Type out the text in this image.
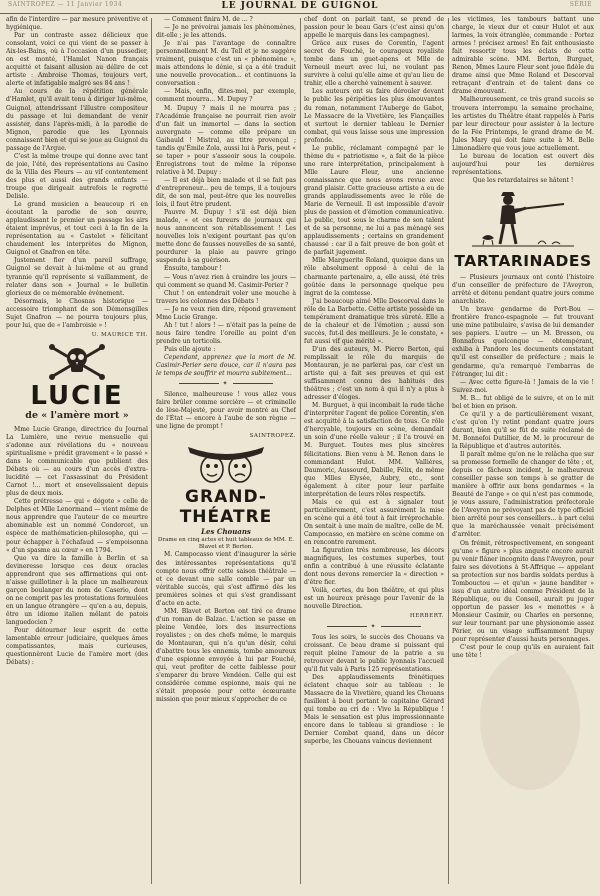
SAINTROPEZ — 11 Janvier 1934	LE JOURNAL DE GUIGNOL	SÉRIE

afin de l'interdire — par mesure préventive et hygiénique.

Par un contraste assez délicieux que consolant, voici ce qui vient de se passer à Aix-les-Bains, où à l'occasion d'un pussedier, on est monté, l'Hamlet Nanon français acquitté et faisant allusion au délire de cet artiste : Ambroise Thomas, toujours vert, alerte et infatigable malgré ses 84 ans !

Au cours de la répétition générale d'Hamlet, qu'il avait tenu à diriger lui-même, Guignol, attendrissant l'illustre compositeur du passage et lui demandant de venir assister, dans l'après-midi, à la parodie de Mignon, parodie que les Lyonnais connaissent bien et qui se joue au Guignol du passage de l'Argue.

C'est la même troupe qui donne avec tant de joie, l'été, des représentations au Casino de la Villa des Fleurs — au vif contentement des plus et aussi des grands enfants — troupe que dirigeait autrefois le regretté Delisle.

Le grand musicien a beaucoup ri en écoutant la parodie de son œuvre, applaudissant le premier un passage les airs étaient imprévus, et tout ceci à la fin de la représentation au « Castelet » félicitant chaudement les interprètes de Mignon, Guignol et Gnafron en tête.

Justement fier d'un pareil suffrage, Guignol se devait à lui-même et au grand tyrannie qu'il représente si vaillamment, de relater dans son « Journal » le bulletin glorieux de ce mémorable événement.

Désormais, le Chosnas historique — accessoire triomphant de son Démonsgilles Sujet Gnafron — ne pourra toujours plus, pour lui, que de « l'ambroisie » !

U. MAURICE TH.

LUCIE
de « l'amère mort »

Mme Lucie Grange, directrice du Journal La Lumière, une revue mensuelle qui s'adonne aux révélations du « nouveau spiritualisme » prédit gravement « le passé » dans le communicable que publient des Débats où — au cours d'un accès d'extra-lucidité — cet l'assassinat du Président Carnot !... mort et ensevelissaient depuis plus de deux mois.

Cette prétresse — qui « dégote » celle de Delphes et Mlle Lenormand — vient même de nous apprendre que l'auteur de ce meurtre abominable est un nommé Condorcet, un espèce de mathématicien-philosophe, qui — pour échapper à l'échafaud — s'empoisonna « d'un spasme au cœur » en 1794.

Que va dire la famille à Berlin et sa devineresse lorsque ces deux oracles apprendront que ses affirmations qui ont-n'aisse guillotiner à la place un malheureux garçon boulanger du nom de Caserio, dont on ne comprit pas les protestations formulées en un langue étrangère — qu'en a au, depuis, être un idiome italien mêlant de patois languedocien ?

Pour détourner leur esprit de cette lamentable erreur judiciaire, quelques âmes compatissantes, mais curieuses, questionnèrent Lucie de l'amère mort (des Débats) :

— Comment finira M. de ... ?

— Je ne prévoirai jamais les phénomènes, dit-elle ; je les attends.

Je n'ai pas l'avantage de connaître personnellement M. du Tell et je ne suggère vraiment, puisque c'est un « phénomène », mais attendons le dénie, si ça a été traduit une nouvelle provocation... et continuons la conversation :

— Mais, enfin, dites-moi, par exemple, comment mourra... M. Dupuy ?

M. Dupuy ? mais il ne mourra pas ; l'Académie française ne pourrait rien avoir d'un fait un immortel — dans la section auvergnate — comme elle prépare un Gaibauld ! Mistral, au titre provençal ; tandis qu'Émile Zola, aussi lui à Paris, peut « se taper » pour s'asseoir sous la coupole. Enregistrons tout de même la réponse relative à M. Dupuy :

— Il est déjà bien malade et il se fait pas d'entrepreneur... peu de temps, il a toujours dit, de son mal, peut-être que les nouvelles lois, il faut être prudent.

Pauvre M. Dupuy ! s'il est déjà bien malade, « et ces fureurs de journaux qui nous annoncent son rétablissement ! Les nouvelles lois n'exigent pourtant pas qu'on mette donc de fausses nouvelles de sa santé, pourdurer la plaie au pauvre gringo suspendu à sa guérison.

Ensuite, tambour !

— Vous n'avez rien à craindre les jours — qui comment se quand M. Casimir-Perier ?

Chut ! on entendrait voler une mouche à travers les colonnes des Débats !

— Je ne veux rien dire, répond gravement Mme Lucie Grange.

Ah ! tut ! alors ! — n'était pas la peine de nous faire tendre l'oreille au point d'en prendre un torticolis.

Puis elle ajoute :

Cependant, apprenez que la mort de M. Casimir-Perier sera douce, car il n'aura pas le temps de souffrir et mourra subitement...

✦

Silence, malheureuse ! vous allez vous faire brûler comme sorcière — et criminelle de lèse-Majesté, pour avoir montré au Chef de l'État — encore à l'aube de son règne — une ligne de prompt !

SAINTROPEZ.

GRAND-THÉATRE
Les Chouans

Drame en cinq actes et huit tableaux de MM. E. Blavet et P. Berton.

M. Campocasso vient d'inaugurer la série des intéressantes représentations qu'il compte nous offrir cette saison théâtrale — et ce devant une salle comble — par un véritable succès, qui s'est affirmé dès les premières scènes et qui s'est grandissant d'acte en acte.

MM. Blavet et Berton ont tiré ce drame d'un roman de Balzac. L'action se passe en pleine Vendée, lors des insurrections royalistes ; on des chefs même, le marquis de Montauran, qui n'a qu'un désir, celui d'abattre tous les ennemis, tombe amoureux d'une espionne envoyée à lui par Fouché, qui, veut profiter de cette faiblesse pour s'emparer du brave Vendéen. Celle qui est considérée comme espionne, mais qui ne s'était proposée pour cette écœurante mission que pour mieux s'approcher de ce

chef dont on parlait tant, se prend de passion pour le beau Gars (c'est ainsi qu'on appelle le marquis dans les campagnes).

Grâce aux ruses de Corentin, l'agent secret de Fouché, le courageux royaliste tombe dans un guet-apens et Mlle de Verneuil meurt avec lui, ne voulant pas survivre à celui qu'elle aime et qu'au lieu de trahir, elle a cherché vainement à sauver.

Les auteurs ont su faire dérouler devant le public les péripéties les plus émouvantes du roman, notamment l'Auberge de Gabot, Le Massacre de la Vivetière, les Fiançailles et surtout le dernier tableau le Dernier combat, qui vous laisse sous une impression profonde.

Le public, réclamant compagné par le thème du « patriotisme », a fait de la pièce une rare interprétation, principalement à Mlle Laure Fleur, une ancienne connaissance que nous avons revue avec grand plaisir. Cette gracieuse artiste a eu de grands applaudissements avec le rôle de Marie de Verneuil. Il est impossible d'avoir plus de passion et d'émotion communicative. Le public, tout sous le charme de son talent et de sa personne, ne lui a pas ménagé ses applaudissements ; certains en grandement chaussé : car il a fait preuve de bon goût et de parfait jugement.

Mlle Marguerite Roland, quoique dans un rôle absolument opposé à celui de la charmante partenaire, a, elle aussi, été très goûtée dans le personnage quelque peu ingrat de la comtesse.

J'ai beaucoup aimé Mlle Descorval dans le rôle de La Barbette. Cette artiste possède un tempérament dramatique très sûreté. Elle a de la chaleur et de l'émotion ; aussi son succès, fut-il des meilleurs. Je le constate, « fut aussi vif que mérité ».

D'un des auteurs, M. Pierre Berton, qui remplissait le rôle du marquis de Montauran, je ne parlerai pas, car c'est un artiste qui a fait ses preuves et qui est suffisamment connu des habitués des théâtres ; c'est un nom à qui il n'y a plus à adresser d'éloges.

M. Burguet, à qui incombait la rude tâche d'interpréter l'agent de police Corentin, s'en est acquitté à la satisfaction de tous. Ce rôle d'hercyable, toujours en scène, demandait un soin d'une réelle valeur ; il l'a trouvé en M. Burguet. Toutes mes plus sincères félicitations. Bien venu à M. Renon dans le commandant Hulot. MM. Valliéres, Daumoric, Aussourd, Dabille, Félix, de même que Mlles Elysée, Aubry, etc., sont également à citer pour leur parfaite interprétation de leurs rôles respectifs.

Mais ce qui est à signaler tout particulièrement, c'est assurément la mise en scène qui a été tout à fait irréprochable. On sentait à une main de maître, celle de M. Campocasso, en matière en scène comme on en rencontre rarement.

La figuration très nombreuse, les décors magnifiques, les costumes superbes, tout enfin a contribué à une réussite éclatante dont nous devons remercier la « direction » d'être fier.

Voilà, certes, du bon théâtre, et qui plus est un heureux présage pour l'avenir de la nouvelle Direction.

HERBERT.

✦

Tous les soirs, le succès des Chouans va croissant. Ce beau drame si puissant qui requit pleine l'amour de la patrie a su retrouver devant le public lyonnais l'accueil qu'il fut valu à Paris 125 représentations.

Des applaudissements frénétiques éclatent chaque soir au tableau : le Massacre de la Vivetière, quand les Chouans fusillent à bout portant le capitaine Gérard qui tombe au cri de : Vive la République ! Mais le sensation est plus impressionnante encore dans le tableau si grandiose : le Dernier Combat quand, dans un décor superbe, les Chouans vaincus deviennent

les victimes, les tambours battant une charge, le vieux dur et cœur Hulot et aux larmes, la voix étranglée, commande : Portez armes ! précisez armes! En fait enthousiaste fait ressortir tous les éclats de cette admirable scène. MM. Berton, Burguet, Renon, Mmes Laure Fleur sont joue fidèle du drame ainsi que Mme Roland et Descorval retraçant d'entrain et de talent dans ce drame émouvant.

Malheureusement, ce très grand succès se trouvera interrompu la semaine prochaine, les artistes du Théâtre étant rappelés à Paris par leur directeur pour assister à la lecture de la Fée Printemps, le grand drame de M. Jules Mary qui doit faire suite à M. Belle Limonadière que vous joue actuellement.

Le bureau de location est ouvert dès aujourd'hui pour les dernières représentations.

Que les retardataires se hâtent !

TARTARINADES

— Plusieurs journaux ont conté l'histoire d'un conseiller de préfecture de l'Aveyron, arrêté et détenu pendant quatre jours comme anarchiste.

Un brave gendarme de Port-Bou — frontière franco-espagnole — fut trouvant une mine patibulaire, s'avisa de lui demander ses papiers. L'autre — un M. Bresson, ou Bonnafous quelconque — obtempérant, exhiba à Pandore les documents constatant qu'il est conseiller de préfecture ; mais le gendarme, qu'a remarqué l'embarras de l'étranger, lui dit :

— Avec cette figure-là ! Jamais de la vie ! Suivez-moi.

M. B... fut obligé de le suivre, et on le mit bel et bien en prison.

Ce qu'il y a de particulièrement vexant, c'est qu'on l'y retint pendant quatre jours durant, bien qu'il se fût de suite réclamé de M. Bonnefoi Dutillier, de M. le procureur de la République et d'autres autorités.

Il paraît même qu'on ne le relâcha que sur sa promesse formelle de changer de tête ; et, depuis ce fâcheux incident, le malheureux conseiller passe son temps à se gratter de manière à offrir aux bons gendarmes « la Beauté de l'ange » ce qui n'est pas commode, je vous assure, l'administration préfectorale de l'Aveyron ne prévoyant pas de type officiel bien arrêté pour ses conseillers... à part celui que la maréchaussée venait précisément d'arrêter.

On frémit, rétrospectivement, en songeant qu'une « figure » plus anguste encore aurait pu venir flâner incognito dans l'Aveyron, pour faire ses dévotions à St-Affrique — appelant sa protection sur nos bardis soldats perdus à Tombouctou — et qu'un « jaune banditer » issu d'un autre idéal comme Président de la République, ou du Conseil, aurait pu juger opportun de passer les « menottes » à Monsieur Casimir, ou Charles en personne, sur leur tournant par une physionomie assez Périer, ou un visage suffisamment Dupuy pour représenter d'aussi hauts personnages.

C'est pour le coup qu'ils en auraient fait une tête !
